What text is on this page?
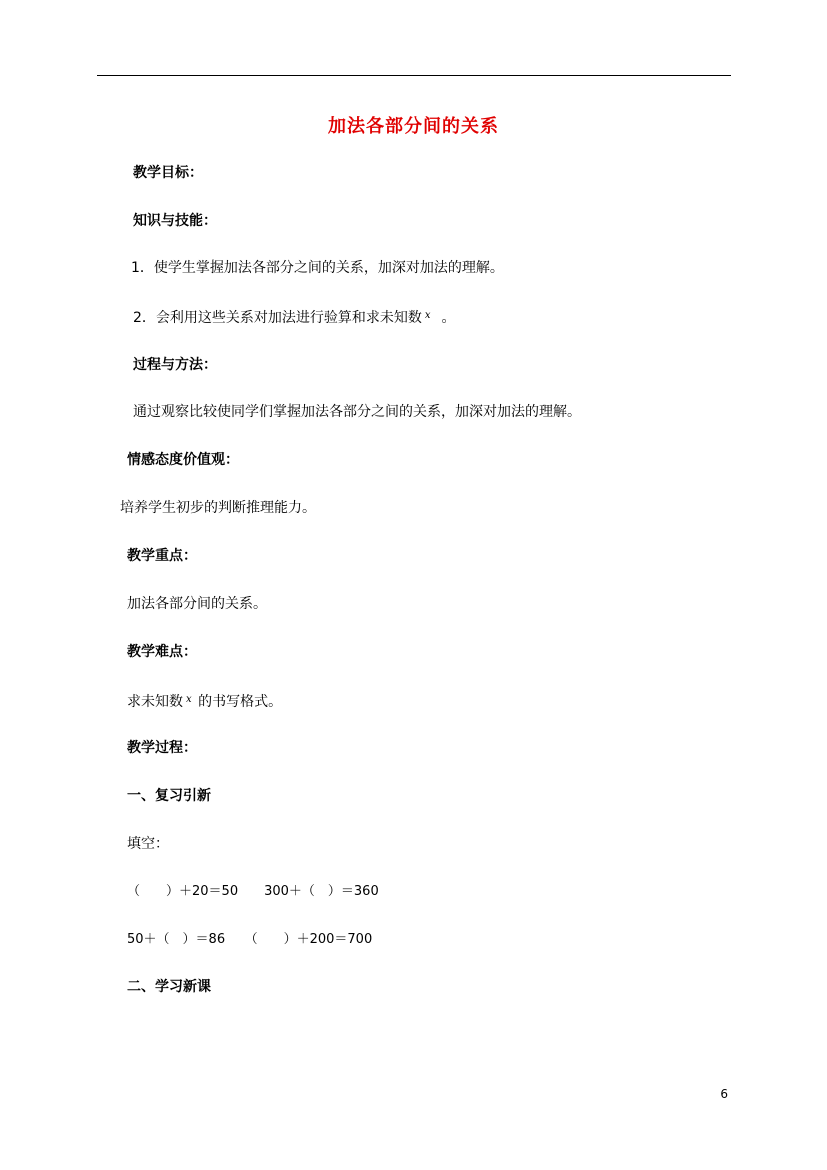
加法各部分间的关系
教学目标：
知识与技能：
1．使学生掌握加法各部分之间的关系，加深对加法的理解。
2．会利用这些关系对加法进行验算和求未知数 $^x$ 。
过程与方法：
通过观察比较使同学们掌握加法各部分之间的关系，加深对加法的理解。
情感态度价值观：
培养学生初步的判断推理能力。
教学重点：
加法各部分间的关系。
教学难点：
求未知数 $^x$ 的书写格式。
教学过程：
一、复习引新
填空：
（　　）＋20＝50　　300＋（　）＝360
50＋（　）＝86　　（　　）＋200＝700
二、学习新课
6
